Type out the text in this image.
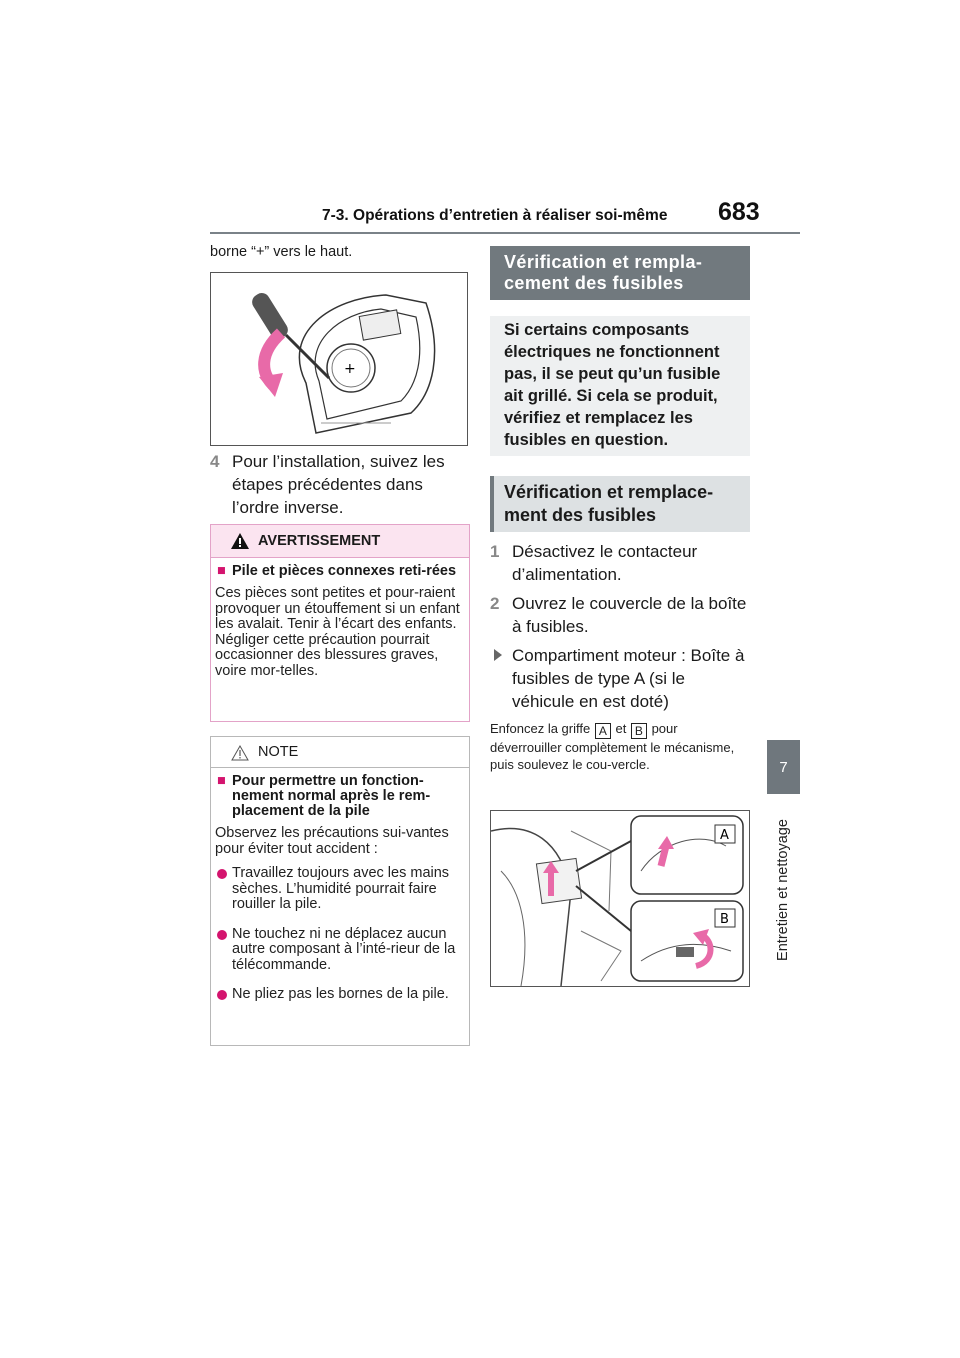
7-3. Opérations d’entretien à réaliser soi-même 683
7
Entretien et nettoyage
borne “+” vers le haut.
+
4 Pour l’installation, suivez les étapes précédentes dans l’ordre inverse.
AVERTISSEMENT
■ Pile et pièces connexes reti-rées
Ces pièces sont petites et pour-raient provoquer un étouffement si un enfant les avalait. Tenir à l’écart des enfants. Négliger cette précaution pourrait occasionner des blessures graves, voire mor-telles.
NOTE
■ Pour permettre un fonction-nement normal après le rem-placement de la pile
Observez les précautions sui-vantes pour éviter tout accident :
Travaillez toujours avec les mains sèches. L’humidité pourrait faire rouiller la pile.
Ne touchez ni ne déplacez aucun autre composant à l’inté-rieur de la télécommande.
Ne pliez pas les bornes de la pile.
Vérification et rempla-cement des fusibles
Si certains composants électriques ne fonctionnent pas, il se peut qu’un fusible ait grillé. Si cela se produit, vérifiez et remplacez les fusibles en question.
Vérification et remplace-ment des fusibles
1 Désactivez le contacteur d’alimentation.
2 Ouvrez le couvercle de la boîte à fusibles.
Compartiment moteur : Boîte à fusibles de type A (si le véhicule en est doté)
Enfoncez la griffe A et B pour déverrouiller complètement le mécanisme, puis soulevez le cou-vercle.
A
B
